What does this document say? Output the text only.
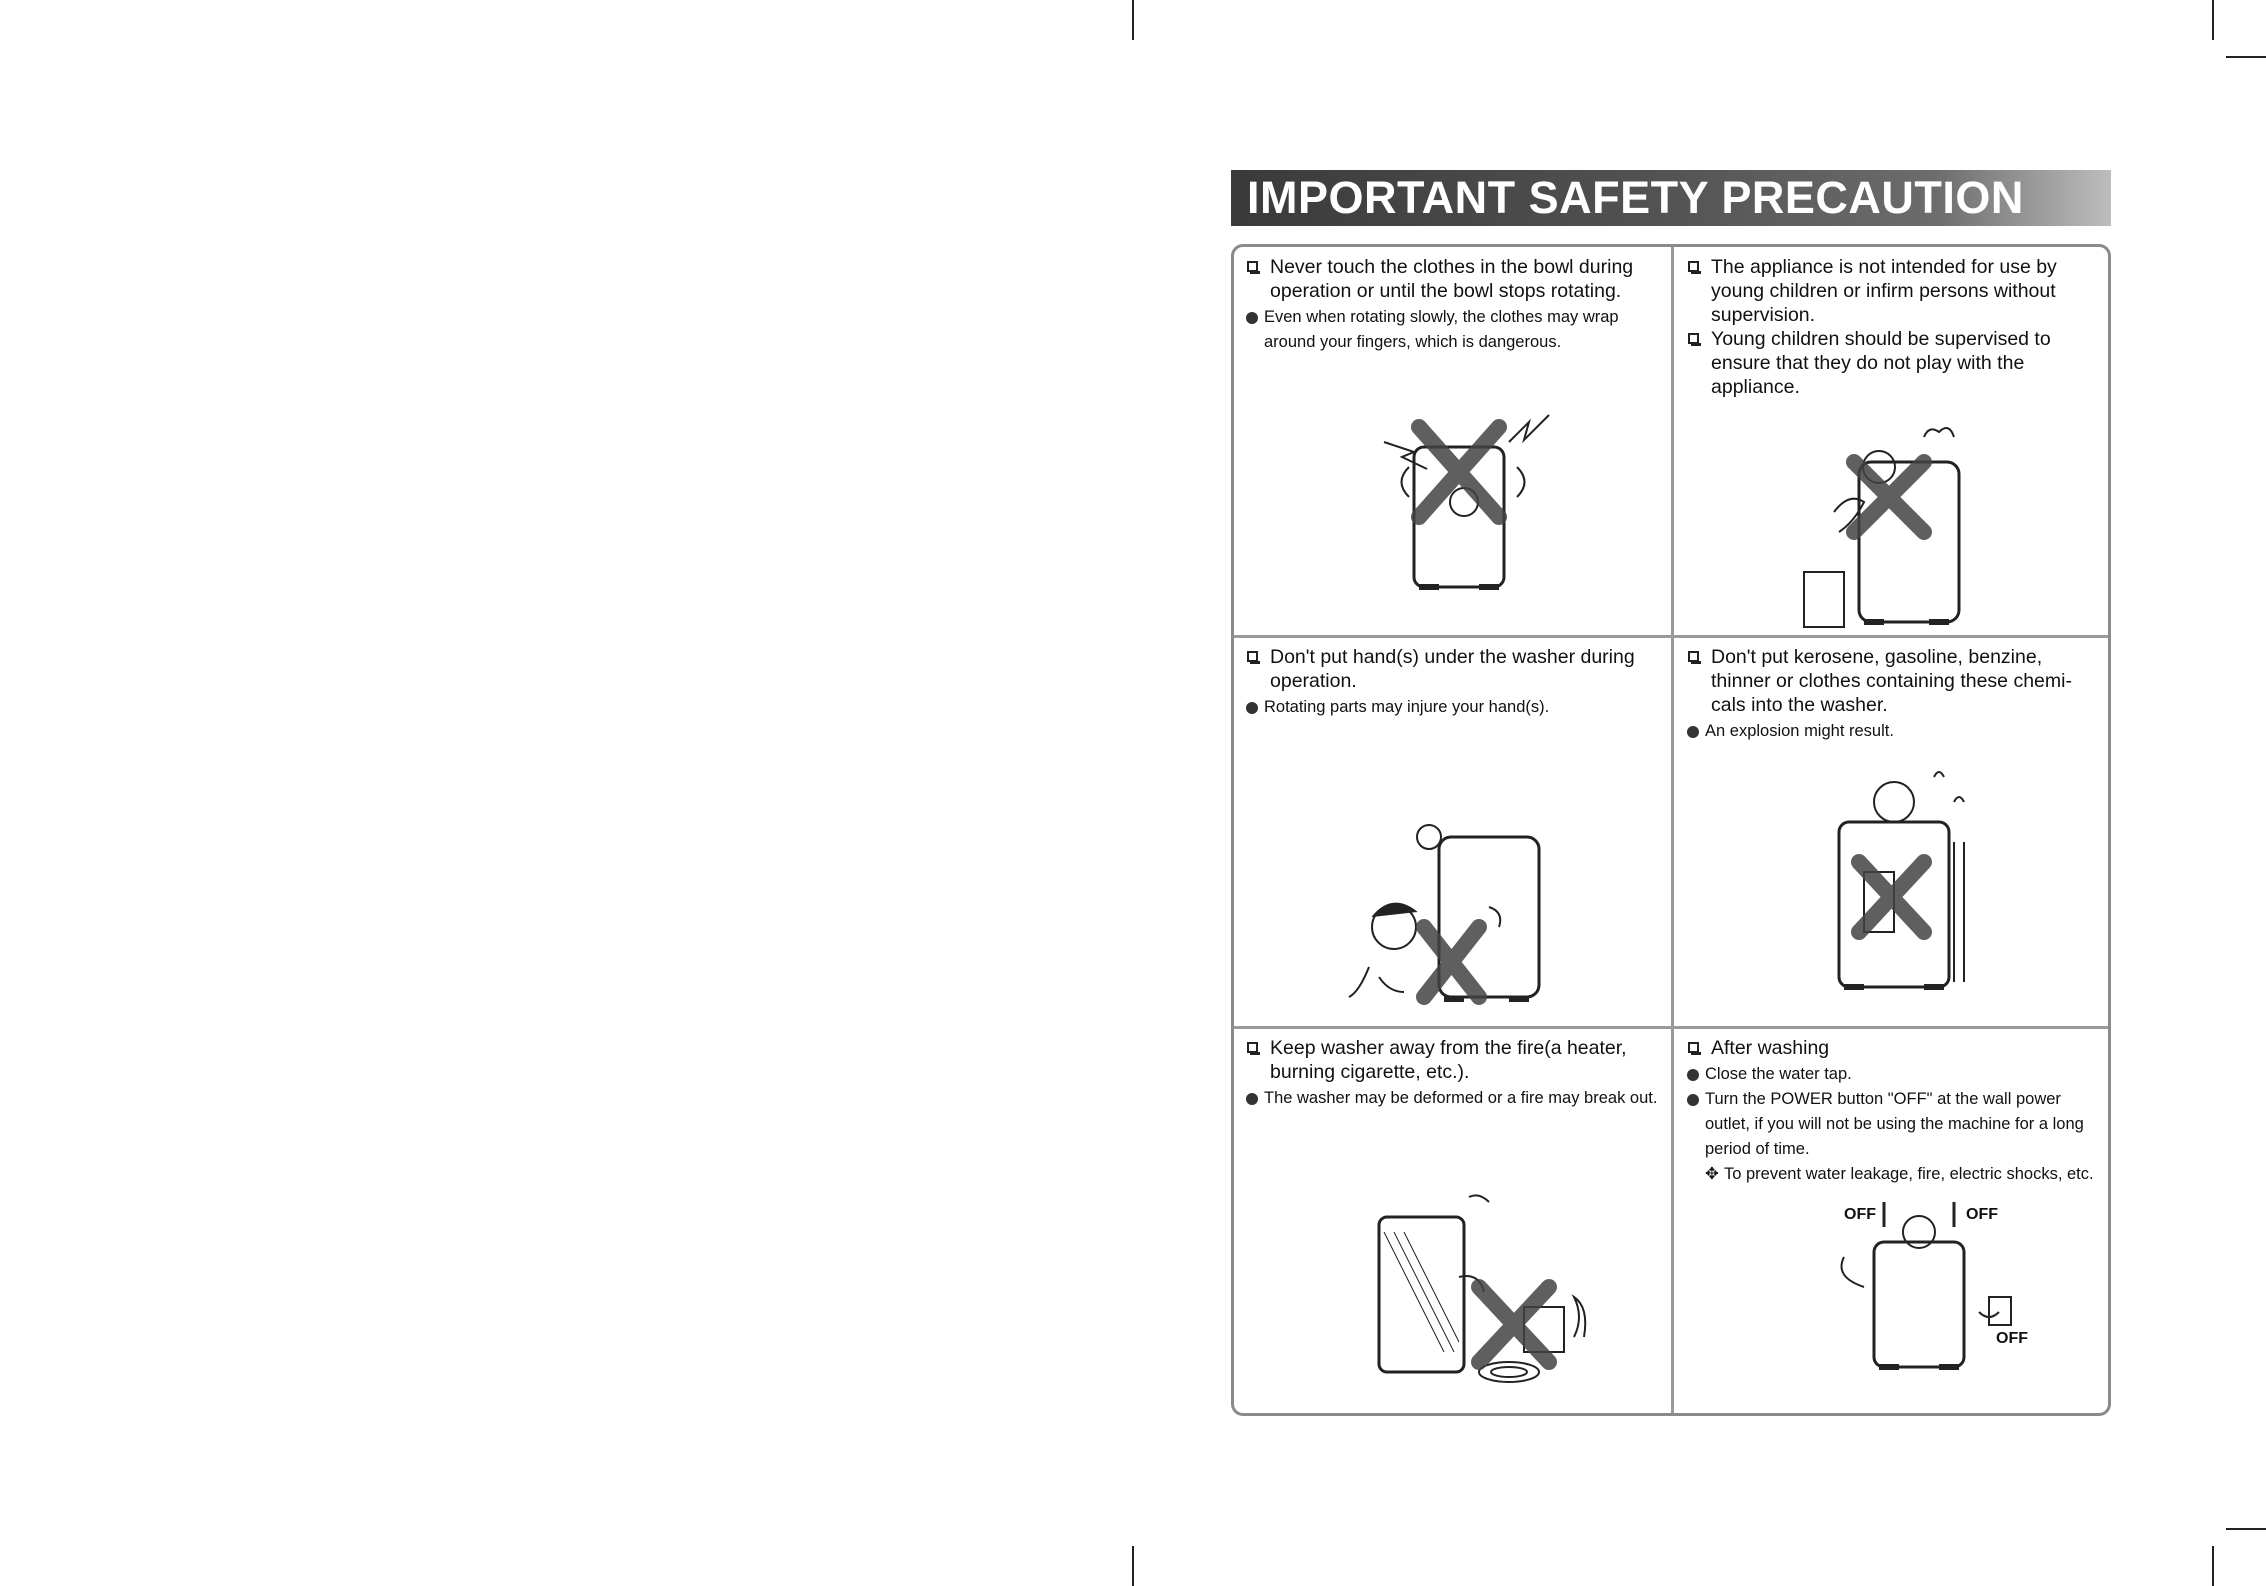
IMPORTANT SAFETY PRECAUTION
Never touch the clothes in the bowl during operation or until the bowl stops rotating.
Even when rotating slowly, the clothes may wrap around your fingers, which is dangerous.
The appliance is not intended for use by young children or infirm persons without supervision.
Young children should be supervised to ensure that they do not play with the appliance.
Don't put hand(s) under the washer during operation.
Rotating parts may injure your hand(s).
Don't put kerosene, gasoline, benzine, thinner or clothes containing these chemi-cals into the washer.
An explosion might result.
Keep washer away from the fire(a heater, burning cigarette, etc.).
The washer may be deformed or a fire may break out.
After washing
Close the water tap.
Turn the POWER button "OFF" at the wall power outlet, if you will not be using the machine for a long period of time.
✥ To prevent water leakage, fire, electric shocks, etc.
OFF	OFF
OFF
